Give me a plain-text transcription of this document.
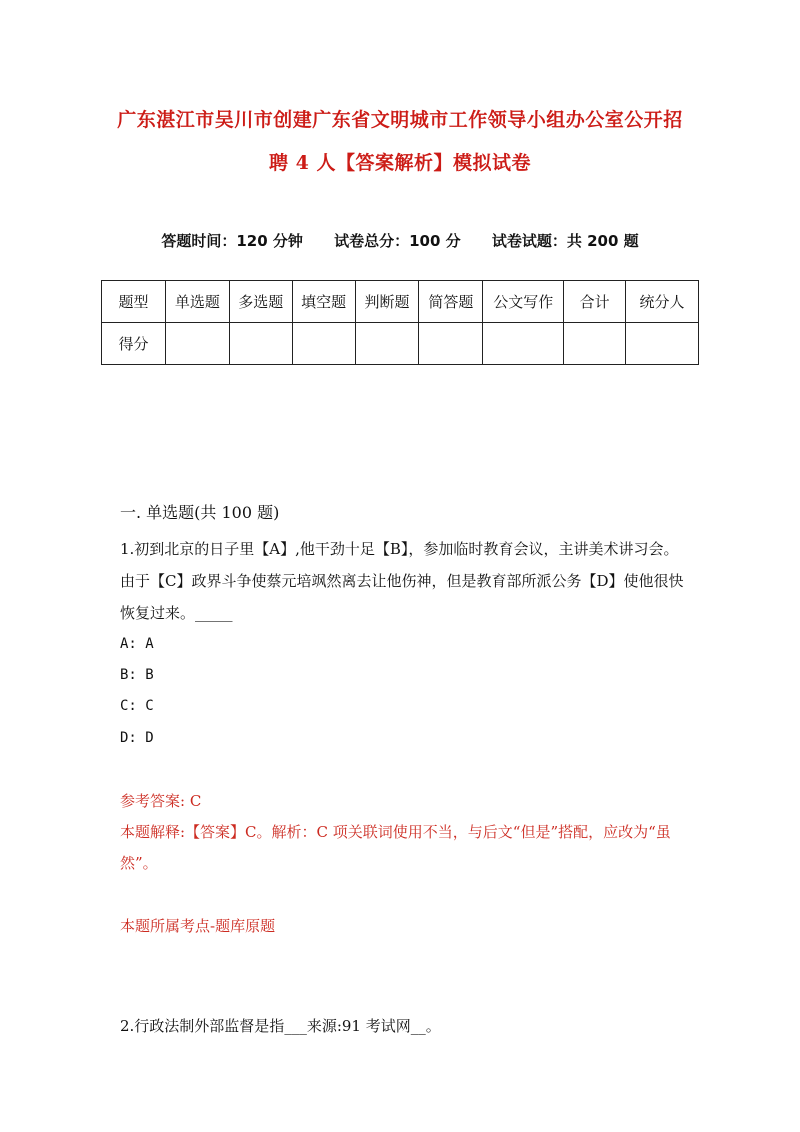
广东湛江市吴川市创建广东省文明城市工作领导小组办公室公开招
聘 4 人【答案解析】模拟试卷
答题时间：120 分钟 试卷总分：100 分 试卷试题：共 200 题
题型	单选题	多选题	填空题	判断题	简答题	公文写作	合计	统分人
得分								
一. 单选题(共 100 题)
1.初到北京的日子里【A】,他干劲十足【B】，参加临时教育会议，主讲美术讲习会。由于【C】政界斗争使蔡元培飒然离去让他伤神，但是教育部所派公务【D】使他很快恢复过来。_____
A: A
B: B
C: C
D: D
参考答案: C
本题解释:【答案】C。解析：C 项关联词使用不当，与后文“但是”搭配，应改为“虽然”。
本题所属考点-题库原题
2.行政法制外部监督是指___来源:91 考试网__。
